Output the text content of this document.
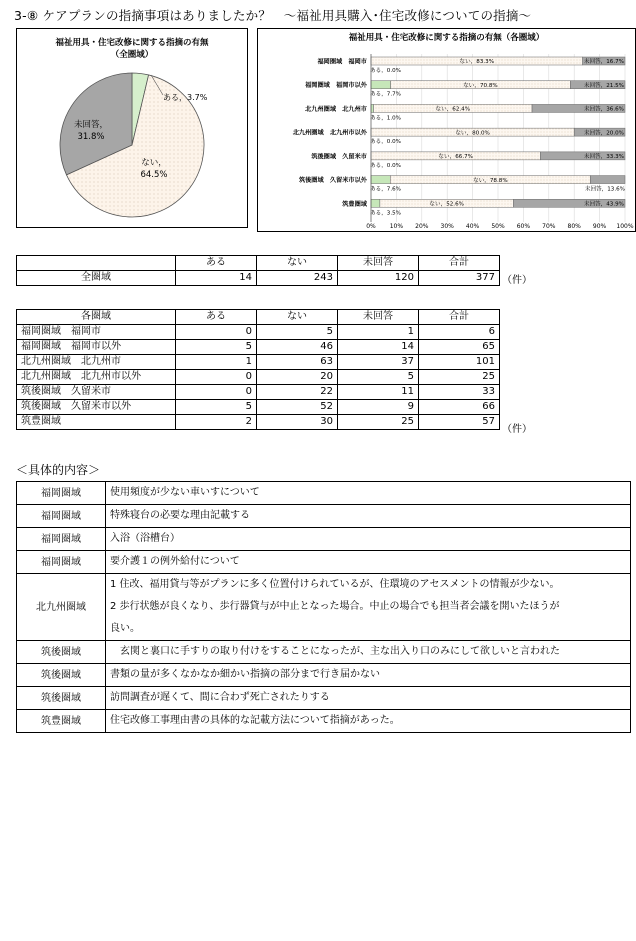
3-⑧ ケアプランの指摘事項はありましたか？　～福祉用具購入･住宅改修についての指摘～
福祉用具・住宅改修に関する指摘の有無
（全圏域）
ある，3.7%
ない，
64.5%
未回答，
31.8%
福祉用具・住宅改修に関する指摘の有無（各圏域）
福岡圏域　福岡市
ある，0.0%
ない，83.3%	未回答，16.7%
福岡圏域　福岡市以外
ある，7.7%
ない，70.8%	未回答，21.5%
北九州圏域　北九州市
ある，1.0%
ない，62.4%	未回答，36.6%
北九州圏域　北九州市以外
ある，0.0%
ない，80.0%	未回答，20.0%
筑後圏域　久留米市
ある，0.0%
ない，66.7%	未回答，33.3%
筑後圏域　久留米市以外
ある，7.6%
ない，78.8%
未回答，13.6%
筑豊圏域
ある，3.5%
ない，52.6%	未回答，43.9%
0% 10% 20% 30% 40% 50% 60% 70% 80% 90% 100%
	ある	ない	未回答	合計
全圏域	14	243	120	377 （件）
各圏域	ある	ない	未回答	合計
福岡圏域　福岡市	0	5	1	6
福岡圏域　福岡市以外	5	46	14	65
北九州圏域　北九州市	1	63	37	101
北九州圏域　北九州市以外	0	20	5	25
筑後圏域　久留米市	0	22	11	33
筑後圏域　久留米市以外	5	52	9	66
筑豊圏域	2	30	25	57
（件）
＜具体的内容＞
福岡圏域	使用頻度が少ない車いすについて

福岡圏域	特殊寝台の必要な理由記載する

福岡圏域	入浴（浴槽台）

福岡圏域	要介護１の例外給付について

北九州圏域	1 住改、福用貸与等がプランに多く位置付けられているが、住環境のアセスメントの情報が少ない。
2 歩行状態が良くなり、歩行器貸与が中止となった場合。中止の場合でも担当者会議を開いたほうが
良い。

筑後圏域	　玄関と裏口に手すりの取り付けをすることになったが、主な出入り口のみにして欲しいと言われた

筑後圏域	書類の量が多くなかなか細かい指摘の部分まで行き届かない

筑後圏域	訪問調査が遅くて、間に合わず死亡されたりする

筑豊圏域	住宅改修工事理由書の具体的な記載方法について指摘があった。
